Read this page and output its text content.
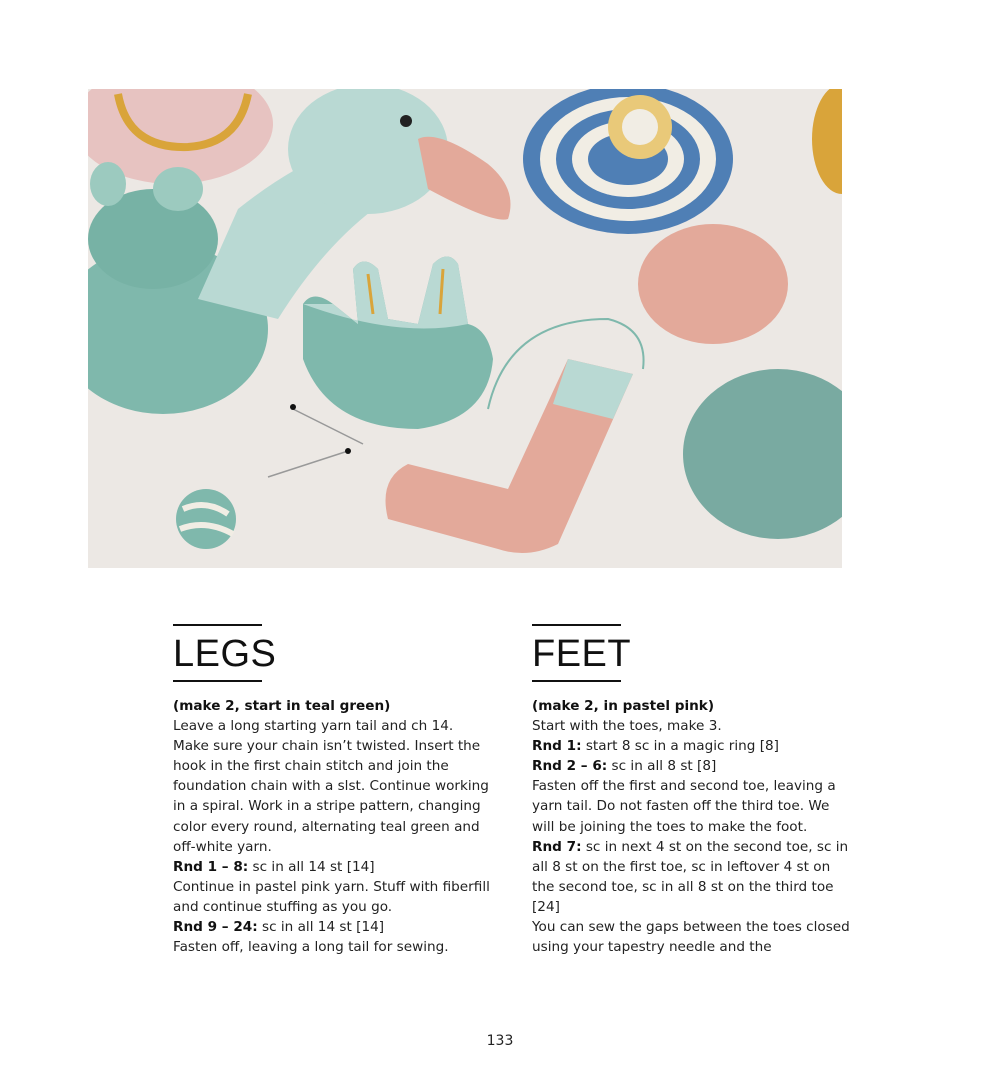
LEGS

(make 2, start in teal green)

Leave a long starting yarn tail and ch 14. Make sure your chain isn’t twisted. Insert the hook in the first chain stitch and join the foundation chain with a slst. Continue working in a spiral. Work in a stripe pattern, changing color every round, alternating teal green and off-white yarn.

Rnd 1 – 8: sc in all 14 st [14]

Continue in pastel pink yarn. Stuff with fiberfill and continue stuffing as you go.

Rnd 9 – 24: sc in all 14 st [14]

Fasten off, leaving a long tail for sewing.

FEET

(make 2, in pastel pink)

Start with the toes, make 3.

Rnd 1: start 8 sc in a magic ring [8]

Rnd 2 – 6: sc in all 8 st [8]

Fasten off the first and second toe, leaving a yarn tail. Do not fasten off the third toe. We will be joining the toes to make the foot.

Rnd 7: sc in next 4 st on the second toe, sc in all 8 st on the first toe, sc in leftover 4 st on the second toe, sc in all 8 st on the third toe [24]

You can sew the gaps between the toes closed using your tapestry needle and the

133
